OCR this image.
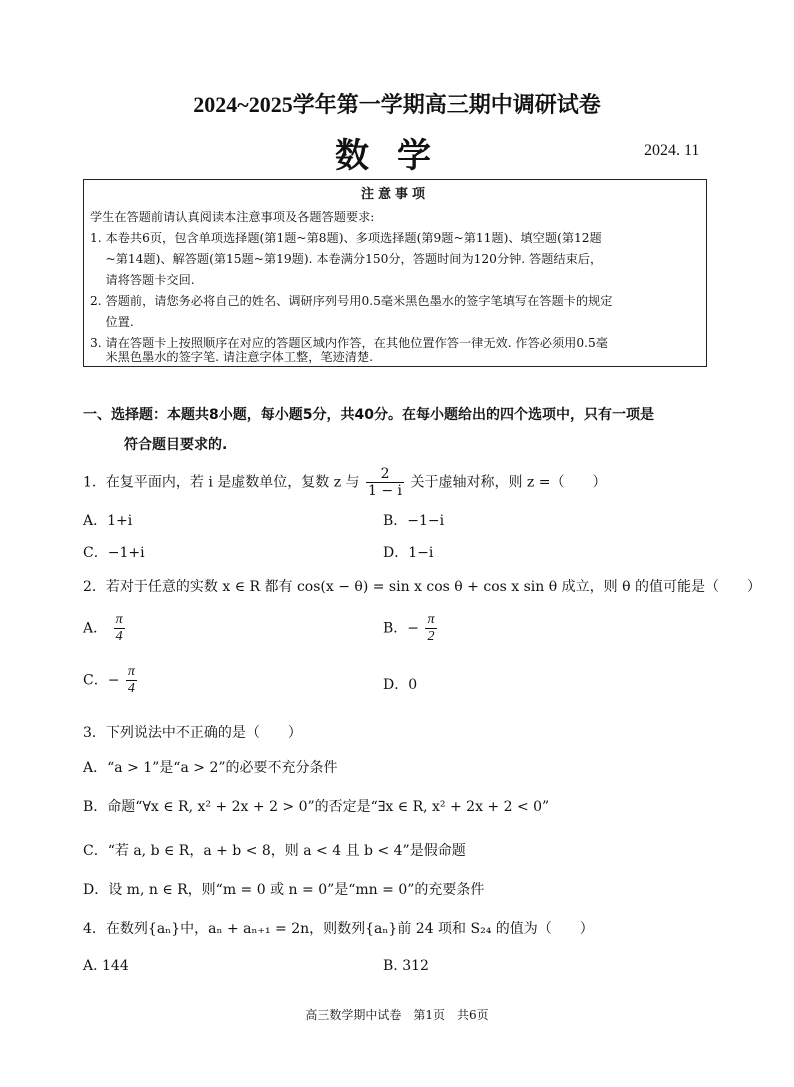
2024~2025学年第一学期高三期中调研试卷
数学	2024. 11
注意事项
学生在答题前请认真阅读本注意事项及各题答题要求:
1. 本卷共6页，包含单项选择题(第1题~第8题)、多项选择题(第9题~第11题)、填空题(第12题
~第14题)、解答题(第15题~第19题). 本卷满分150分，答题时间为120分钟. 答题结束后，
请将答题卡交回.
2. 答题前，请您务必将自己的姓名、调研序列号用0.5毫米黑色墨水的签字笔填写在答题卡的规定
位置.
3. 请在答题卡上按照顺序在对应的答题区域内作答，在其他位置作答一律无效. 作答必须用0.5毫
米黑色墨水的签字笔. 请注意字体工整，笔迹清楚.
一、选择题：本题共8小题，每小题5分，共40分。在每小题给出的四个选项中，只有一项是
符合题目要求的.
1．在复平面内，若 i 是虚数单位，复数 z 与 $\frac{2}{1 - i}$ 关于虚轴对称，则 z =（　　）
A．1+i	B．−1−i
C．−1+i	D．1−i
2．若对于任意的实数 x ∈ R 都有 cos(x − θ) = sin x cos θ + cos x sin θ 成立，则 θ 的值可能是（　　）
A． $\frac{\pi}{4}$	B．− $\frac{\pi}{2}$
C．− $\frac{\pi}{4}$	D．0
3．下列说法中不正确的是（　　）
A．“a > 1”是“a > 2”的必要不充分条件
B．命题“∀x ∈ R, x² + 2x + 2 > 0”的否定是“∃x ∈ R, x² + 2x + 2 < 0”
C．“若 a, b ∈ R，a + b < 8，则 a < 4 且 b < 4”是假命题
D．设 m, n ∈ R，则“m = 0 或 n = 0”是“mn = 0”的充要条件
4．在数列{aₙ}中，aₙ + aₙ₊₁ = 2n，则数列{aₙ}前 24 项和 S₂₄ 的值为（　　）
A. 144	B. 312
高三数学期中试卷　第1页　共6页
